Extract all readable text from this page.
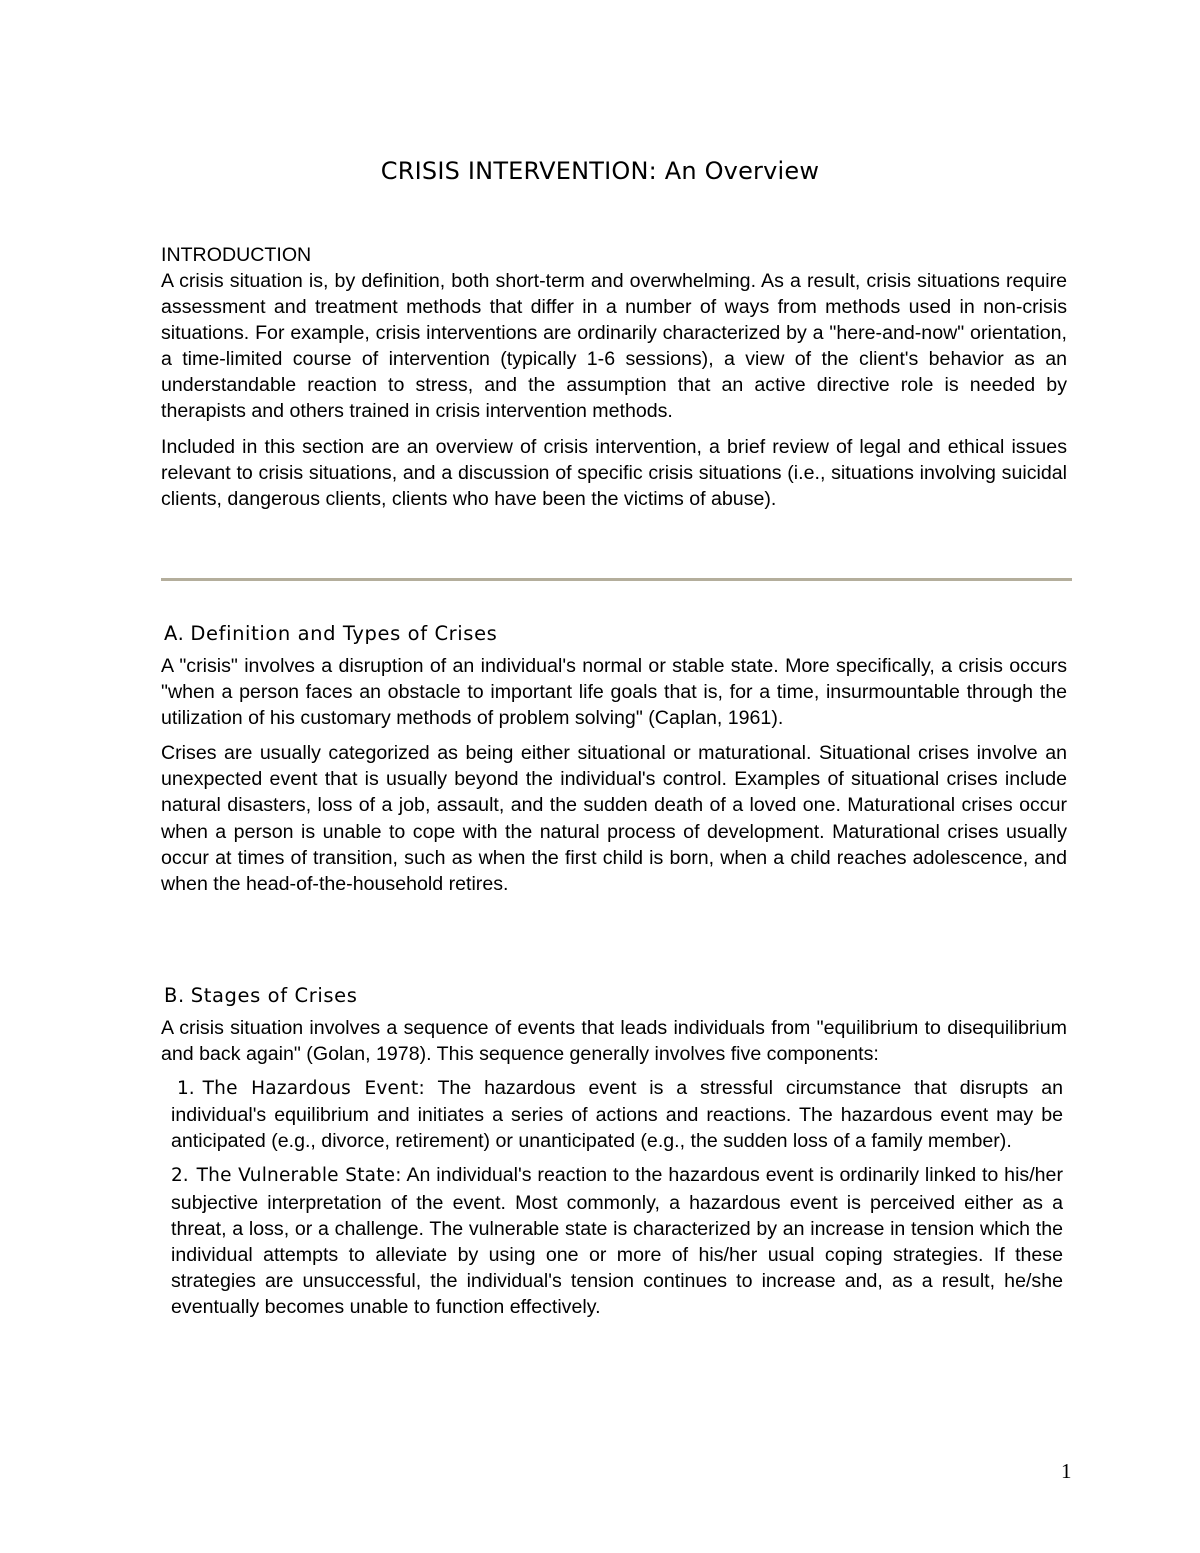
CRISIS INTERVENTION: An Overview
INTRODUCTION

A crisis situation is, by definition, both short-term and overwhelming. As a result, crisis situations require assessment and treatment methods that differ in a number of ways from methods used in non-crisis situations. For example, crisis interventions are ordinarily characterized by a "here-and-now" orientation, a time-limited course of intervention (typically 1-6 sessions), a view of the client's behavior as an understandable reaction to stress, and the assumption that an active directive role is needed by therapists and others trained in crisis intervention methods.

Included in this section are an overview of crisis intervention, a brief review of legal and ethical issues relevant to crisis situations, and a discussion of specific crisis situations (i.e., situations involving suicidal clients, dangerous clients, clients who have been the victims of abuse).

A. Definition and Types of Crises

A "crisis" involves a disruption of an individual's normal or stable state. More specifically, a crisis occurs "when a person faces an obstacle to important life goals that is, for a time, insurmountable through the utilization of his customary methods of problem solving" (Caplan, 1961).

Crises are usually categorized as being either situational or maturational. Situational crises involve an unexpected event that is usually beyond the individual's control. Examples of situational crises include natural disasters, loss of a job, assault, and the sudden death of a loved one. Maturational crises occur when a person is unable to cope with the natural process of development. Maturational crises usually occur at times of transition, such as when the first child is born, when a child reaches adolescence, and when the head-of-the-household retires.

B. Stages of Crises

A crisis situation involves a sequence of events that leads individuals from "equilibrium to disequilibrium and back again" (Golan, 1978). This sequence generally involves five components:

1. The Hazardous Event: The hazardous event is a stressful circumstance that disrupts an individual's equilibrium and initiates a series of actions and reactions. The hazardous event may be anticipated (e.g., divorce, retirement) or unanticipated (e.g., the sudden loss of a family member).

2. The Vulnerable State: An individual's reaction to the hazardous event is ordinarily linked to his/her subjective interpretation of the event. Most commonly, a hazardous event is perceived either as a threat, a loss, or a challenge. The vulnerable state is characterized by an increase in tension which the individual attempts to alleviate by using one or more of his/her usual coping strategies. If these strategies are unsuccessful, the individual's tension continues to increase and, as a result, he/she eventually becomes unable to function effectively.

1
